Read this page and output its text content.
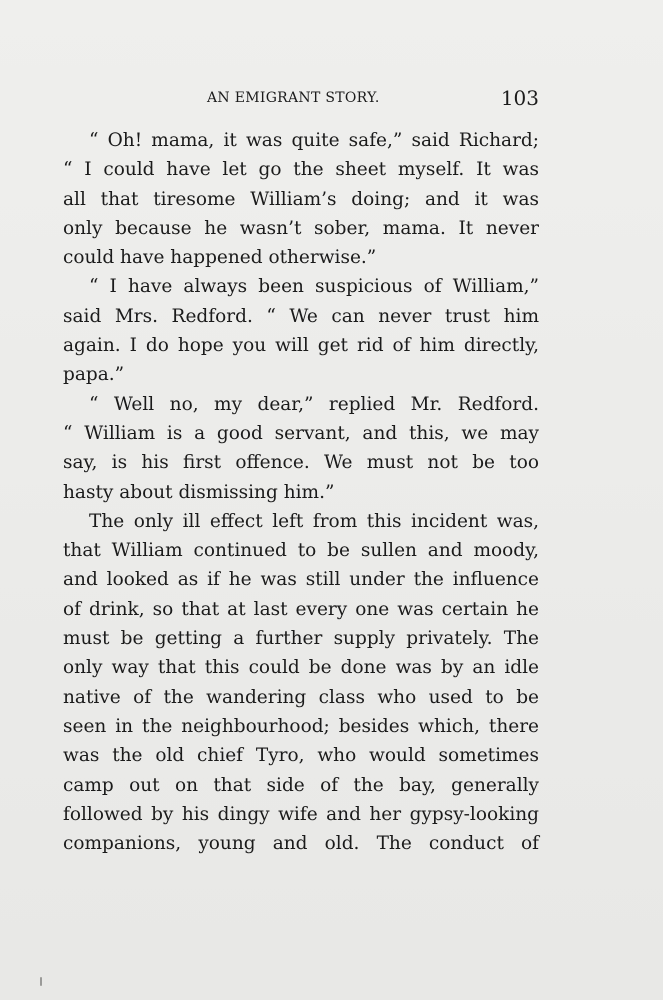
AN EMIGRANT STORY.	103
“ Oh! mama, it was quite safe,” said Richard;
“ I could have let go the sheet myself. It was
all that tiresome William’s doing; and it was
only because he wasn’t sober, mama. It never
could have happened otherwise.”
“ I have always been suspicious of William,”
said Mrs. Redford. “ We can never trust him
again. I do hope you will get rid of him directly,
papa.”
“ Well no, my dear,” replied Mr. Redford.
“ William is a good servant, and this, we may
say, is his first offence. We must not be too
hasty about dismissing him.”
The only ill effect left from this incident was,
that William continued to be sullen and moody,
and looked as if he was still under the influence
of drink, so that at last every one was certain he
must be getting a further supply privately. The
only way that this could be done was by an idle
native of the wandering class who used to be
seen in the neighbourhood; besides which, there
was the old chief Tyro, who would sometimes
camp out on that side of the bay, generally
followed by his dingy wife and her gypsy-looking
companions, young and old. The conduct of
